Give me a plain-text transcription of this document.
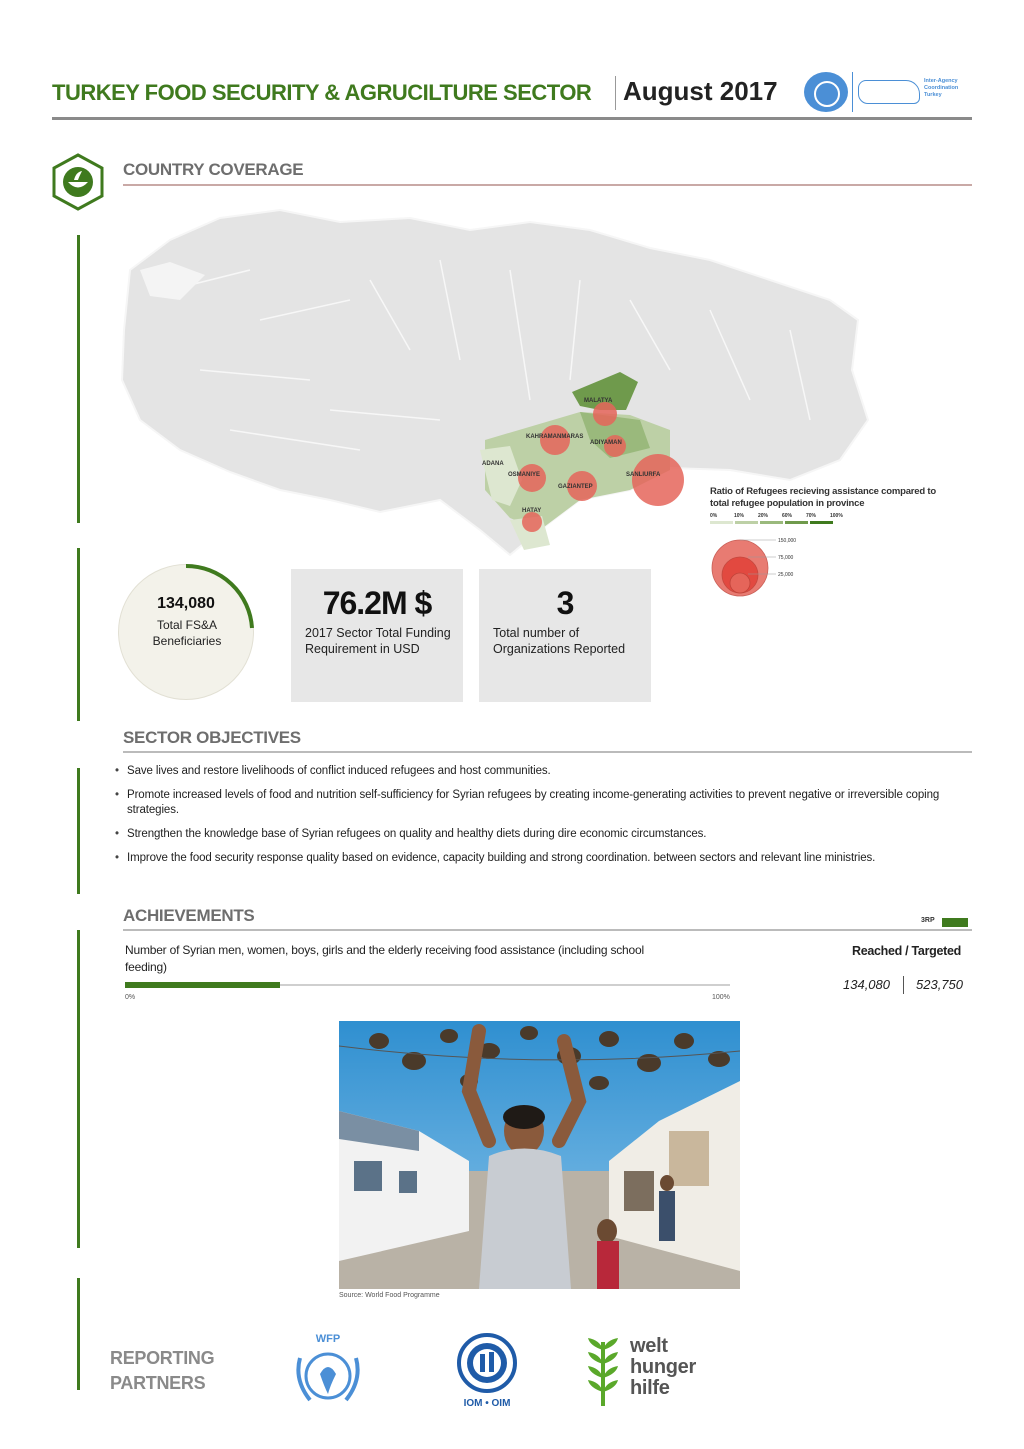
TURKEY FOOD SECURITY & AGRUCILTURE SECTOR August 2017	Inter-Agency Coordination Turkey
COUNTRY COVERAGE
MALATYA
KAHRAMANMARAS
ADIYAMAN
ADANA
OSMANIYE
GAZIANTEP
SANLIURFA
HATAY
Ratio of Refugees recieving assistance compared to total refugee population in province
0%	10%	20%	60%	70%	100%
150,000
75,000
25,000
134,080
Total FS&A Beneficiaries
76.2M $
2017 Sector Total Funding Requirement in USD
3
Total number of Organizations Reported
SECTOR OBJECTIVES
• Save lives and restore livelihoods of conflict induced refugees and host communities.
• Promote increased levels of food and nutrition self-sufficiency for Syrian refugees by creating income-generating activities to prevent negative or irreversible coping strategies.
• Strengthen the knowledge base of Syrian refugees on quality and healthy diets during dire economic circumstances.
• Improve the food security response quality based on evidence, capacity building and strong coordination. between sectors and relevant line ministries.
ACHIEVEMENTS	3RP
Number of Syrian men, women, boys, girls and the elderly receiving food assistance (including school feeding)
0%	100%
Reached / Targeted
134,080 523,750
Source: World Food Programme
REPORTING
PARTNERS
WFP
IOM • OIM
welt
hunger
hilfe
